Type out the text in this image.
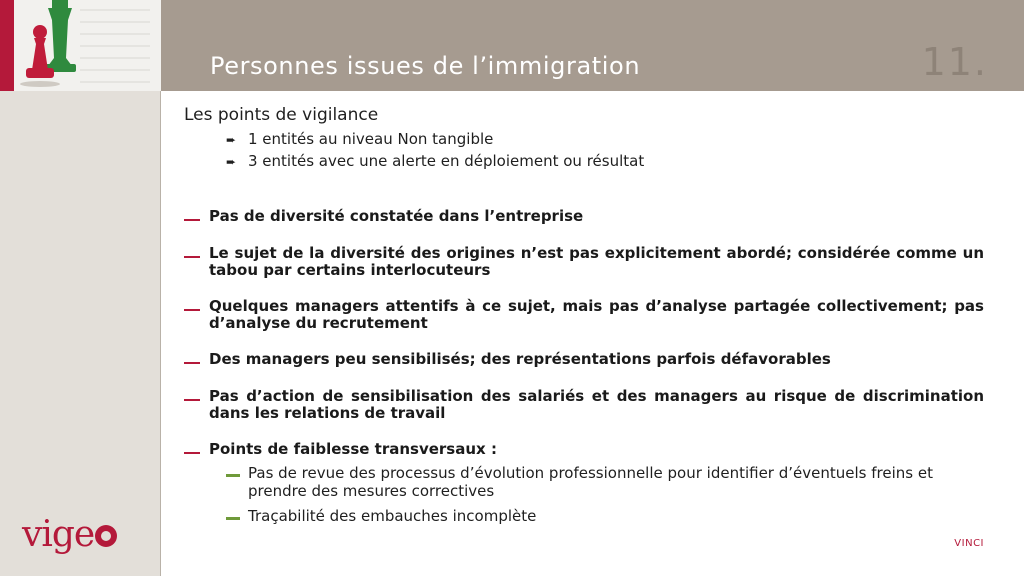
Personnes issues de l’immigration	11.
Les points de vigilance
➨ 1 entités au niveau Non tangible
➨ 3 entités avec une alerte en déploiement ou résultat
Pas de diversité constatée dans l’entreprise
Le sujet de la diversité des origines n’est pas explicitement abordé; considérée comme un tabou par certains interlocuteurs
Quelques managers attentifs à ce sujet, mais pas d’analyse partagée collectivement; pas d’analyse du recrutement
Des managers peu sensibilisés; des représentations parfois défavorables
Pas d’action de sensibilisation des salariés et des managers au risque de discrimination dans les relations de travail
Points de faiblesse transversaux :
Pas de revue des processus d’évolution professionnelle pour identifier d’éventuels freins et prendre des mesures correctives
Traçabilité des embauches incomplète
vige	VINCI
